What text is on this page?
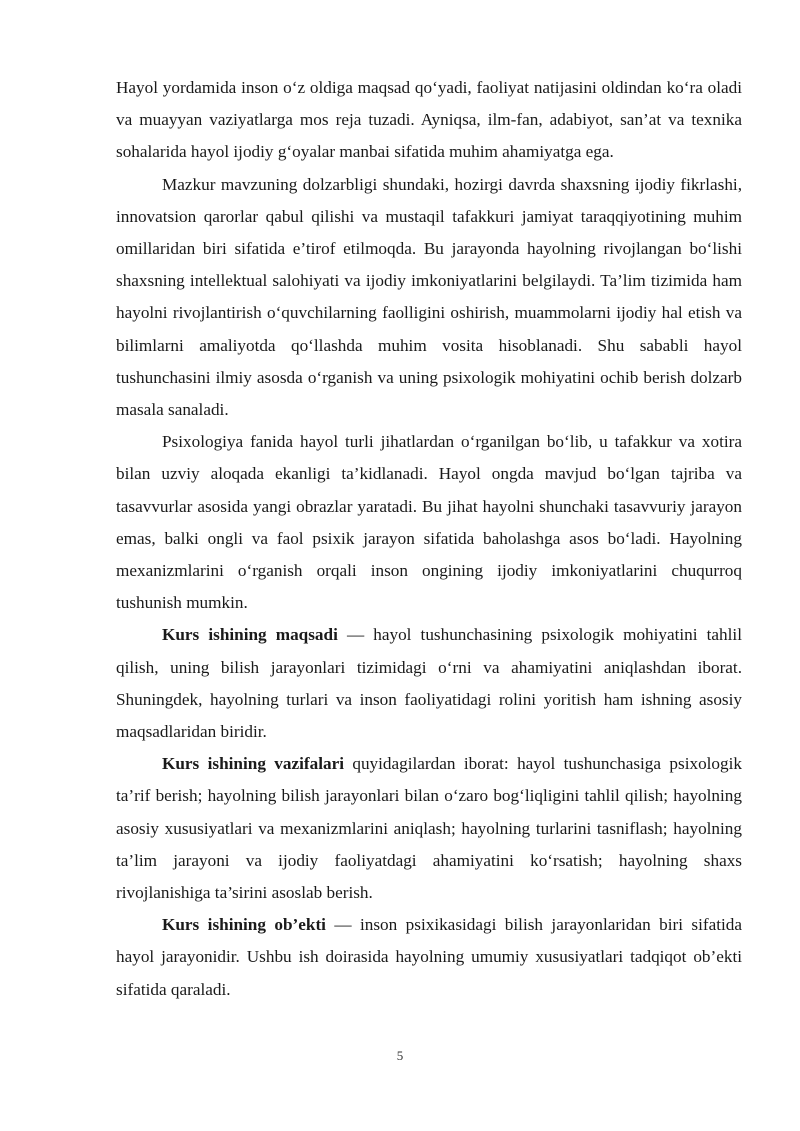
Hayol yordamida inson o‘z oldiga maqsad qo‘yadi, faoliyat natijasini oldindan ko‘ra oladi va muayyan vaziyatlarga mos reja tuzadi. Ayniqsa, ilm-fan, adabiyot, san’at va texnika sohalarida hayol ijodiy g‘oyalar manbai sifatida muhim ahamiyatga ega.

Mazkur mavzuning dolzarbligi shundaki, hozirgi davrda shaxsning ijodiy fikrlashi, innovatsion qarorlar qabul qilishi va mustaqil tafakkuri jamiyat taraqqiyotining muhim omillaridan biri sifatida e’tirof etilmoqda. Bu jarayonda hayolning rivojlangan bo‘lishi shaxsning intellektual salohiyati va ijodiy imkoniyatlarini belgilaydi. Ta’lim tizimida ham hayolni rivojlantirish o‘quvchilarning faolligini oshirish, muammolarni ijodiy hal etish va bilimlarni amaliyotda qo‘llashda muhim vosita hisoblanadi. Shu sababli hayol tushunchasini ilmiy asosda o‘rganish va uning psixologik mohiyatini ochib berish dolzarb masala sanaladi.

Psixologiya fanida hayol turli jihatlardan o‘rganilgan bo‘lib, u tafakkur va xotira bilan uzviy aloqada ekanligi ta’kidlanadi. Hayol ongda mavjud bo‘lgan tajriba va tasavvurlar asosida yangi obrazlar yaratadi. Bu jihat hayolni shunchaki tasavvuriy jarayon emas, balki ongli va faol psixik jarayon sifatida baholashga asos bo‘ladi. Hayolning mexanizmlarini o‘rganish orqali inson ongining ijodiy imkoniyatlarini chuqurroq tushunish mumkin.

Kurs ishining maqsadi — hayol tushunchasining psixologik mohiyatini tahlil qilish, uning bilish jarayonlari tizimidagi o‘rni va ahamiyatini aniqlashdan iborat. Shuningdek, hayolning turlari va inson faoliyatidagi rolini yoritish ham ishning asosiy maqsadlaridan biridir.

Kurs ishining vazifalari quyidagilardan iborat: hayol tushunchasiga psixologik ta’rif berish; hayolning bilish jarayonlari bilan o‘zaro bog‘liqligini tahlil qilish; hayolning asosiy xususiyatlari va mexanizmlarini aniqlash; hayolning turlarini tasniflash; hayolning ta’lim jarayoni va ijodiy faoliyatdagi ahamiyatini ko‘rsatish; hayolning shaxs rivojlanishiga ta’sirini asoslab berish.

Kurs ishining ob’ekti — inson psixikasidagi bilish jarayonlaridan biri sifatida hayol jarayonidir. Ushbu ish doirasida hayolning umumiy xususiyatlari tadqiqot ob’ekti sifatida qaraladi.

5
